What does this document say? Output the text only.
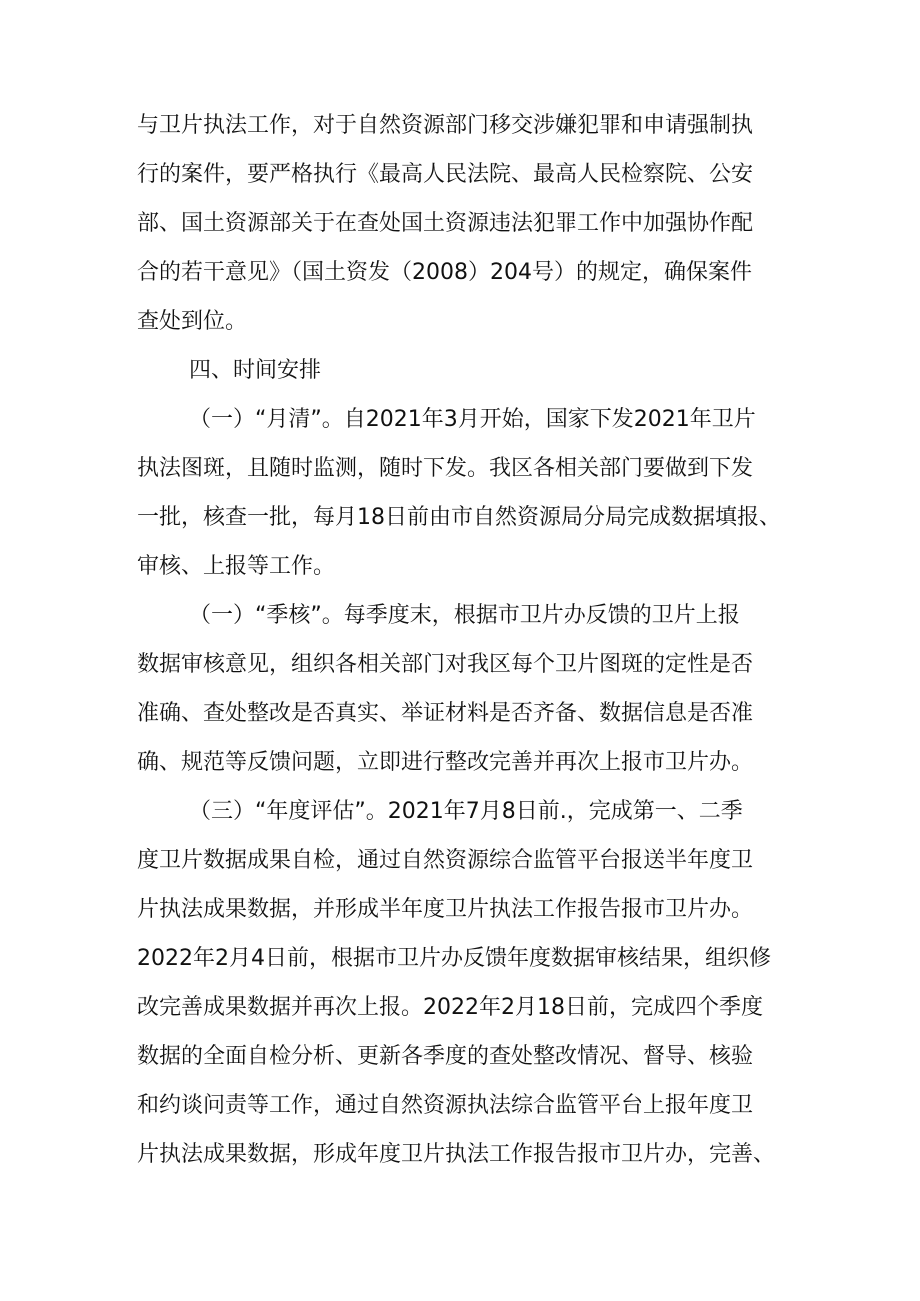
与卫片执法工作，对于自然资源部门移交涉嫌犯罪和申请强制执
行的案件，要严格执行《最高人民法院、最高人民检察院、公安
部、国土资源部关于在查处国土资源违法犯罪工作中加强协作配
合的若干意见》（国土资发（2008）204号）的规定，确保案件
查处到位。
四、时间安排
（一）“月清”。自2021年3月开始，国家下发2021年卫片
执法图斑，且随时监测，随时下发。我区各相关部门要做到下发
一批，核查一批，每月18日前由市自然资源局分局完成数据填报、
审核、上报等工作。
（一）“季核”。每季度末，根据市卫片办反馈的卫片上报
数据审核意见，组织各相关部门对我区每个卫片图斑的定性是否
准确、查处整改是否真实、举证材料是否齐备、数据信息是否准
确、规范等反馈问题，立即进行整改完善并再次上报市卫片办。
（三）“年度评估”。2021年7月8日前.，完成第一、二季
度卫片数据成果自检，通过自然资源综合监管平台报送半年度卫
片执法成果数据，并形成半年度卫片执法工作报告报市卫片办。
2022年2月4日前，根据市卫片办反馈年度数据审核结果，组织修
改完善成果数据并再次上报。2022年2月18日前，完成四个季度
数据的全面自检分析、更新各季度的查处整改情况、督导、核验
和约谈问责等工作，通过自然资源执法综合监管平台上报年度卫
片执法成果数据，形成年度卫片执法工作报告报市卫片办，完善、
